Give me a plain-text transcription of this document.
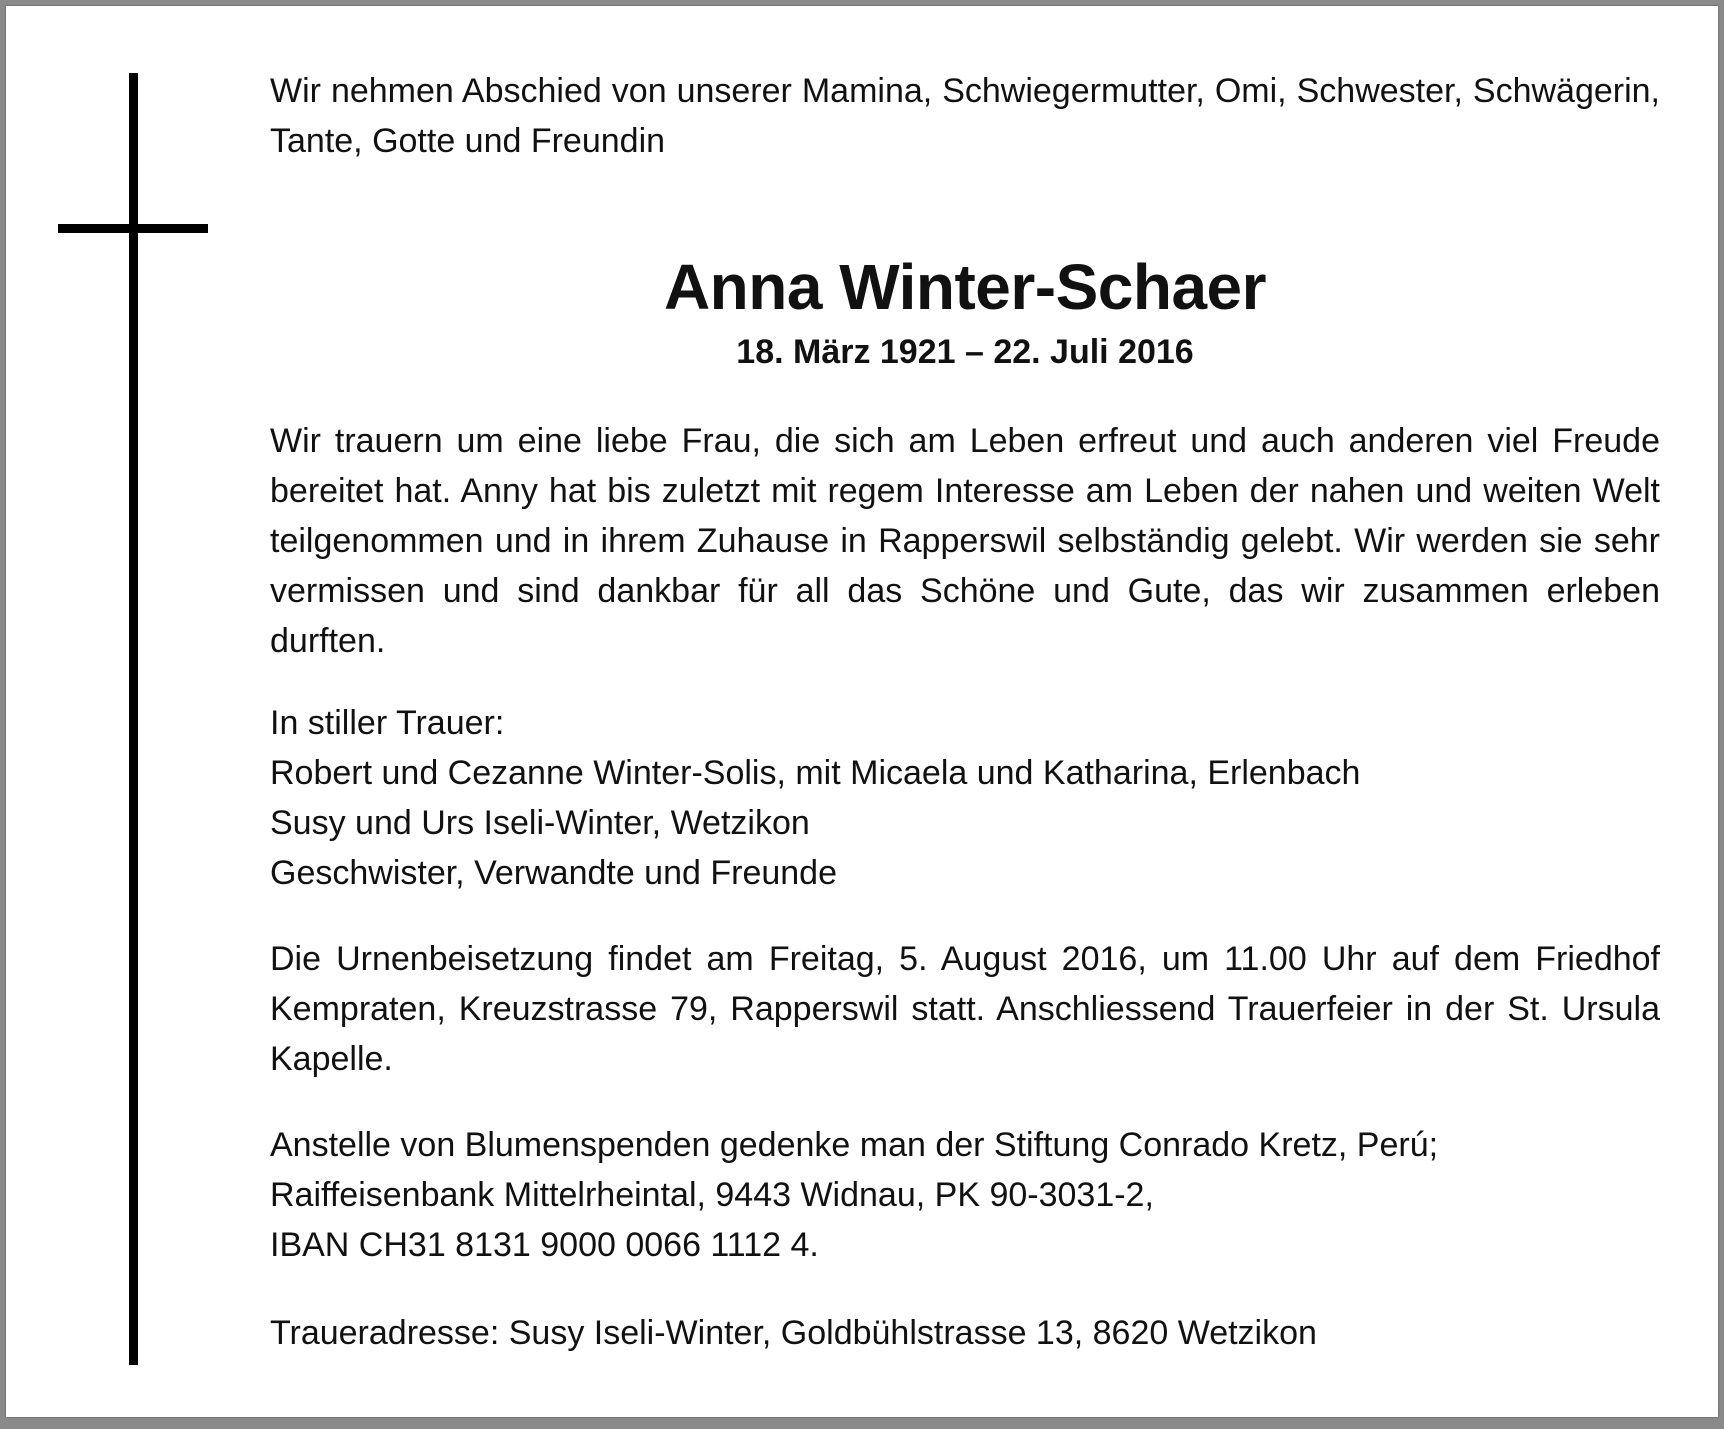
Wir nehmen Abschied von unserer Mamina, Schwiegermutter, Omi, Schwester, Schwägerin, Tante, Gotte und Freundin

Anna Winter-Schaer
18. März 1921 – 22. Juli 2016

Wir trauern um eine liebe Frau, die sich am Leben erfreut und auch anderen viel Freude bereitet hat. Anny hat bis zuletzt mit regem Interesse am Leben der nahen und weiten Welt teilgenommen und in ihrem Zuhause in Rapperswil selbständig gelebt. Wir werden sie sehr vermissen und sind dankbar für all das Schöne und Gute, das wir zusammen erleben durften.

In stiller Trauer:
Robert und Cezanne Winter-Solis, mit Micaela und Katharina, Erlenbach
Susy und Urs Iseli-Winter, Wetzikon
Geschwister, Verwandte und Freunde

Die Urnenbeisetzung findet am Freitag, 5. August 2016, um 11.00 Uhr auf dem Friedhof Kempraten, Kreuzstrasse 79, Rapperswil statt. Anschliessend Trauerfeier in der St. Ursula Kapelle.

Anstelle von Blumenspenden gedenke man der Stiftung Conrado Kretz, Perú;
Raiffeisenbank Mittelrheintal, 9443 Widnau, PK 90-3031-2,
IBAN CH31 8131 9000 0066 1112 4.

Traueradresse: Susy Iseli-Winter, Goldbühlstrasse 13, 8620 Wetzikon
